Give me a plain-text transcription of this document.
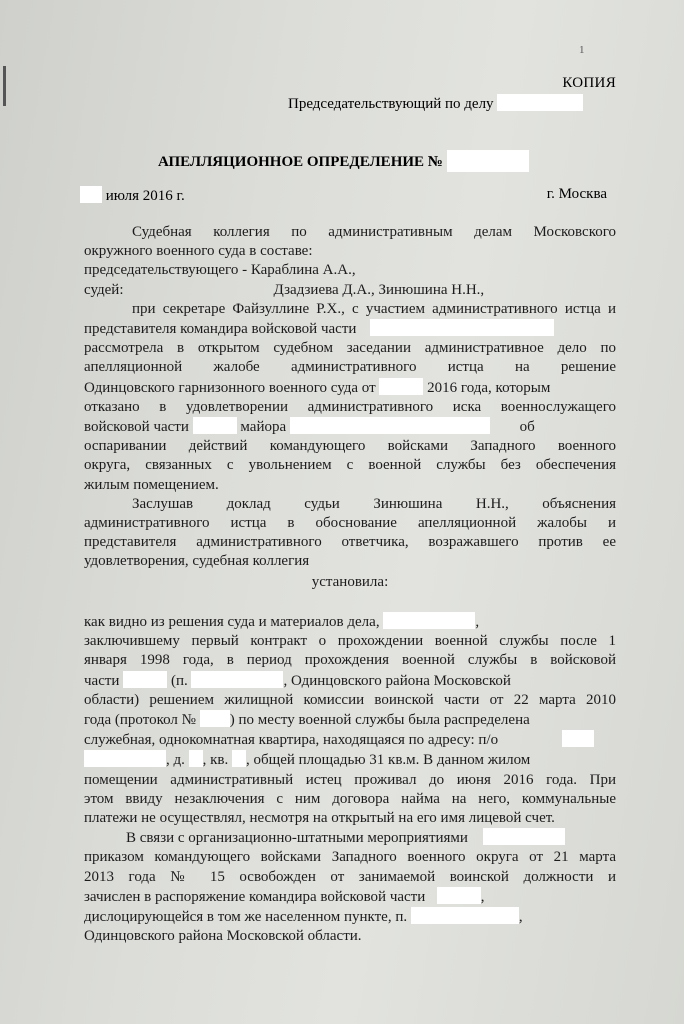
1
КОПИЯ
Председательствующий по делу
АПЕЛЛЯЦИОННОЕ ОПРЕДЕЛЕНИЕ №
июля 2016 г.	г. Москва
Судебная коллегия по административным делам Московского
окружного военного суда в составе:
председательствующего - Караблина А.А.,
судей:	Дзадзиева Д.А., Зинюшина Н.Н.,
при секретаре Файзуллине Р.Х., с участием административного истца и
представителя командира войсковой части
рассмотрела в открытом судебном заседании административное дело по
апелляционной жалобе административного истца на решение
Одинцовского гарнизонного военного суда от	2016 года, которым
отказано в удовлетворении административного иска военнослужащего
войсковой части	майора	об
оспаривании действий командующего войсками Западного военного
округа, связанных с увольнением с военной службы без обеспечения
жилым помещением.
Заслушав доклад судьи Зинюшина Н.Н., объяснения
административного истца в обоснование апелляционной жалобы и
представителя административного ответчика, возражавшего против ее
удовлетворения, судебная коллегия
установила:
как видно из решения суда и материалов дела,	,
заключившему первый контракт о прохождении военной службы после 1
января 1998 года, в период прохождения военной службы в войсковой
части	(п.	, Одинцовского района Московской
области) решением жилищной комиссии воинской части от 22 марта 2010
года (протокол № ) по месту военной службы была распределена
служебная, однокомнатная квартира, находящаяся по адресу: п/о
, д. , кв. , общей площадью 31 кв.м. В данном жилом
помещении административный истец проживал до июня 2016 года. При
этом ввиду незаключения с ним договора найма на него, коммунальные
платежи не осуществлял, несмотря на открытый на его имя лицевой счет.
В связи с организационно-штатными мероприятиями
приказом командующего войсками Западного военного округа от 21 марта
2013 года № 15 освобожден от занимаемой воинской должности и
зачислен в распоряжение командира войсковой части	,
дислоцирующейся в том же населенном пункте, п.	,
Одинцовского района Московской области.
